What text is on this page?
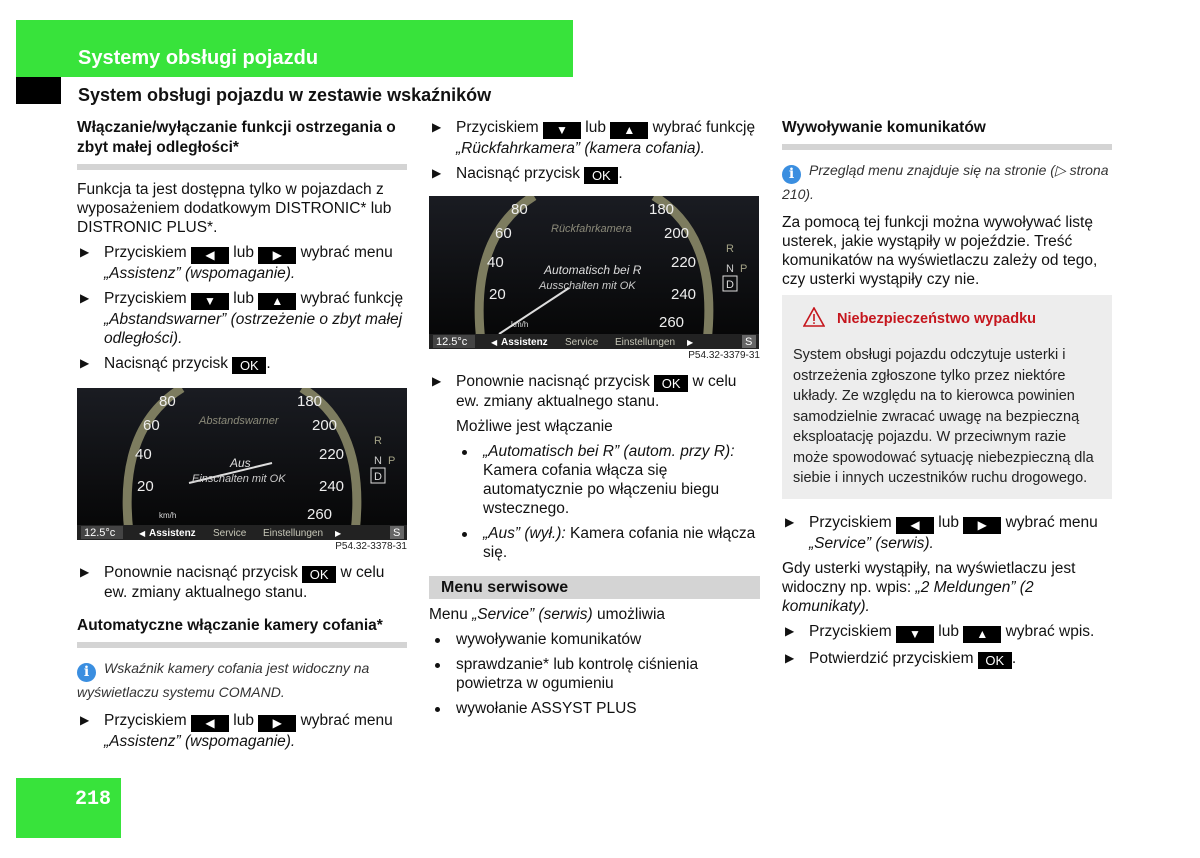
Systemy obsługi pojazdu
System obsługi pojazdu w zestawie wskaźników
Włączanie/wyłączanie funkcji ostrzegania o zbyt małej odległości*

Funkcja ta jest dostępna tylko w pojazdach z wyposażeniem dodatkowym DISTRONIC* lub DISTRONIC PLUS*.

▶ Przyciskiem ◀ lub ▶ wybrać menu „Assistenz” (wspomaganie).
▶ Przyciskiem ▼ lub ▲ wybrać funkcję „Abstandswarner” (ostrzeżenie o zbyt małej odległości).
▶ Nacisnąć przycisk OK .
80
60
40
20
180
200
220
240
260
Abstandswarner
Aus
Einschalten mit OK
km/h
R
N P
D
12.5°c	◀ Assistenz Service Einstellungen ▶	S
P54.32-3378-31
▶ Ponownie nacisnąć przycisk OK w celu ew. zmiany aktualnego stanu.
Automatyczne włączanie kamery cofania*
i Wskaźnik kamery cofania jest widoczny na wyświetlaczu systemu COMAND.
▶ Przyciskiem ◀ lub ▶ wybrać menu „Assistenz” (wspomaganie).
▶ Przyciskiem ▼ lub ▲ wybrać funkcję „Rückfahrkamera” (kamera cofania).
▶ Nacisnąć przycisk OK .
80
60
40
20
180
200
220
240
260
Rückfahrkamera
Automatisch bei R
Ausschalten mit OK
km/h
R
N P
D
12.5°c	◀ Assistenz Service Einstellungen ▶	S
P54.32-3379-31
▶ Ponownie nacisnąć przycisk OK w celu ew. zmiany aktualnego stanu.

Możliwe jest włączanie

„Automatisch bei R” (autom. przy R): Kamera cofania włącza się automatycznie po włączeniu biegu wstecznego.
„Aus” (wył.): Kamera cofania nie włącza się.
Menu serwisowe

Menu „Service” (serwis) umożliwia

wywoływanie komunikatów
sprawdzanie* lub kontrolę ciśnienia powietrza w ogumieniu
wywołanie ASSYST PLUS
Wywoływanie komunikatów
i Przegląd menu znajduje się na stronie (▷ strona 210).

Za pomocą tej funkcji można wywoływać listę usterek, jakie wystąpiły w pojeździe. Treść komunikatów na wyświetlaczu zależy od tego, czy usterki wystąpiły czy nie.

Niebezpieczeństwo wypadku
System obsługi pojazdu odczytuje usterki i ostrzeżenia zgłoszone tylko przez niektóre układy. Ze względu na to kierowca powinien samodzielnie zwracać uwagę na bezpieczną eksploatację pojazdu. W przeciwnym razie może spowodować sytuację niebezpieczną dla siebie i innych uczestników ruchu drogowego.
▶ Przyciskiem ◀ lub ▶ wybrać menu „Service” (serwis).

Gdy usterki wystąpiły, na wyświetlaczu jest widoczny np. wpis: „2 Meldungen” (2 komunikaty).

▶ Przyciskiem ▼ lub ▲ wybrać wpis.
▶ Potwierdzić przyciskiem OK .
218
